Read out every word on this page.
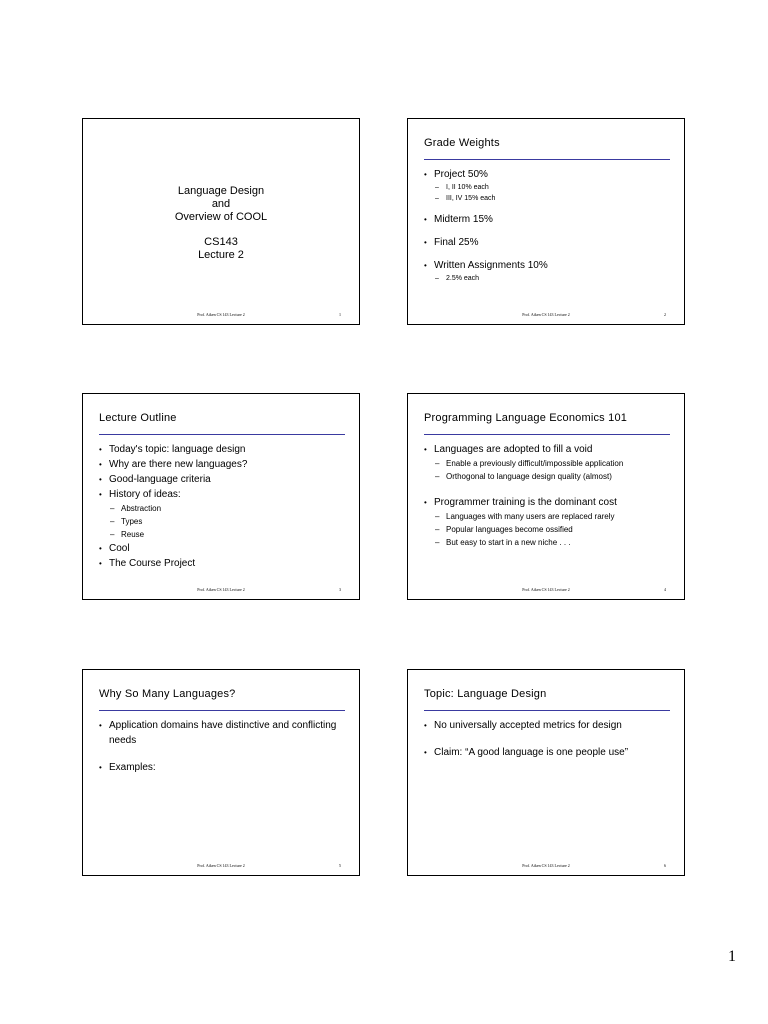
Language Design
and
Overview of COOL
CS143
Lecture 2
Prof. Aiken CS 143 Lecture 2	1
Grade Weights
• Project 50%
– I, II 10% each
– III, IV 15% each
• Midterm 15%
• Final 25%
• Written Assignments 10%
– 2.5% each
Prof. Aiken CS 143 Lecture 2	2
Lecture Outline
• Today's topic: language design
• Why are there new languages?
• Good-language criteria
• History of ideas:
– Abstraction
– Types
– Reuse
• Cool
• The Course Project
Prof. Aiken CS 143 Lecture 2	3
Programming Language Economics 101
• Languages are adopted to fill a void
– Enable a previously difficult/impossible application
– Orthogonal to language design quality (almost)
• Programmer training is the dominant cost
– Languages with many users are replaced rarely
– Popular languages become ossified
– But easy to start in a new niche . . .
Prof. Aiken CS 143 Lecture 2	4
Why So Many Languages?
• Application domains have distinctive and conflicting needs
• Examples:
Prof. Aiken CS 143 Lecture 2	5
Topic: Language Design
• No universally accepted metrics for design
• Claim: “A good language is one people use”
Prof. Aiken CS 143 Lecture 2	6
1
